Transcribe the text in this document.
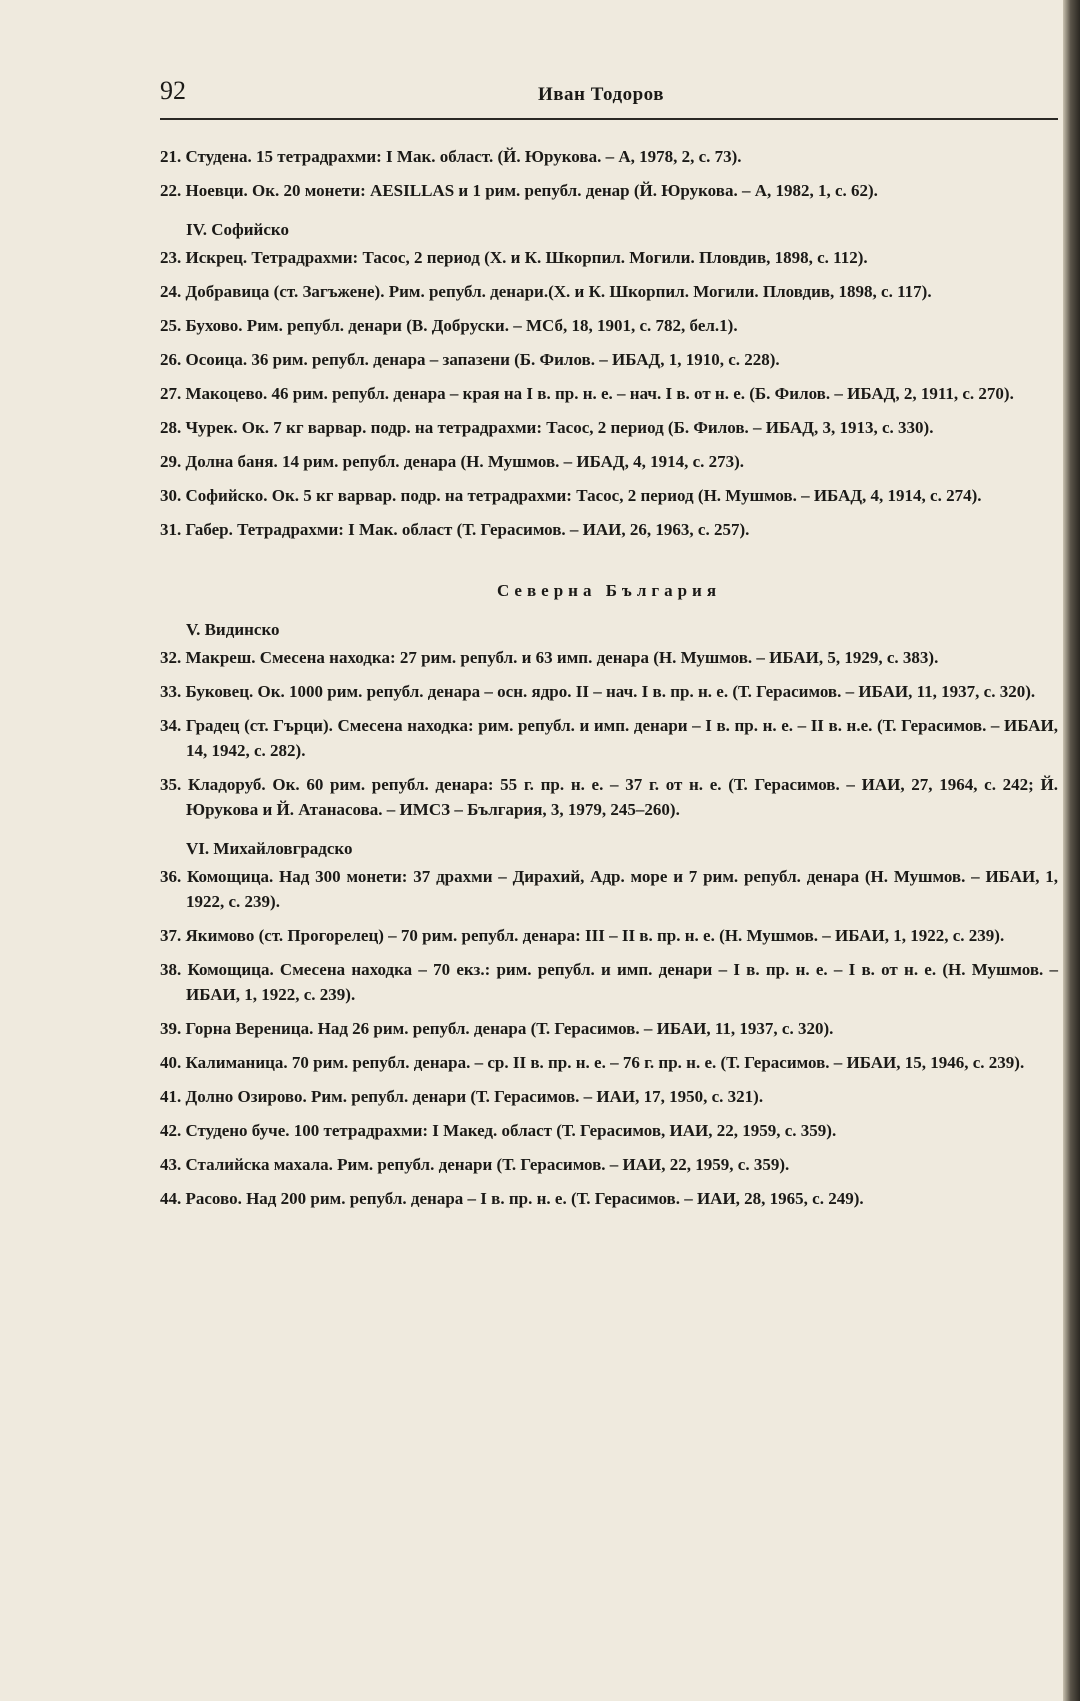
92	Иван Тодоров

21. Студена. 15 тетрадрахми: I Мак. област. (Й. Юрукова. – А, 1978, 2, с. 73).

22. Ноевци. Ок. 20 монети: AESILLAS и 1 рим. републ. денар (Й. Юрукова. – А, 1982, 1, с. 62).

IV. Софийско

23. Искрец. Тетрадрахми: Тасос, 2 период (Х. и К. Шкорпил. Могили. Пловдив, 1898, с. 112).

24. Добравица (ст. Загъжене). Рим. републ. денари.(Х. и К. Шкорпил. Могили. Пловдив, 1898, с. 117).

25. Бухово. Рим. републ. денари (В. Добруски. – МСб, 18, 1901, с. 782, бел.1).

26. Осоица. 36 рим. републ. денара – запазени (Б. Филов. – ИБАД, 1, 1910, с. 228).

27. Макоцево. 46 рим. републ. денара – края на I в. пр. н. е. – нач. I в. от н. е. (Б. Филов. – ИБАД, 2, 1911, с. 270).

28. Чурек. Ок. 7 кг варвар. подр. на тетрадрахми: Тасос, 2 период (Б. Филов. – ИБАД, 3, 1913, с. 330).

29. Долна баня. 14 рим. републ. денара (Н. Мушмов. – ИБАД, 4, 1914, с. 273).

30. Софийско. Ок. 5 кг варвар. подр. на тетрадрахми: Тасос, 2 период (Н. Мушмов. – ИБАД, 4, 1914, с. 274).

31. Габер. Тетрадрахми: I Мак. област (Т. Герасимов. – ИАИ, 26, 1963, с. 257).

Северна България
V. Видинско

32. Макреш. Смесена находка: 27 рим. републ. и 63 имп. денара (Н. Мушмов. – ИБАИ, 5, 1929, с. 383).

33. Буковец. Ок. 1000 рим. републ. денара – осн. ядро. II – нач. I в. пр. н. е. (Т. Герасимов. – ИБАИ, 11, 1937, с. 320).

34. Градец (ст. Гърци). Смесена находка: рим. републ. и имп. денари – I в. пр. н. е. – II в. н.е. (Т. Герасимов. – ИБАИ, 14, 1942, с. 282).

35. Кладоруб. Ок. 60 рим. републ. денара: 55 г. пр. н. е. – 37 г. от н. е. (Т. Герасимов. – ИАИ, 27, 1964, с. 242; Й. Юрукова и Й. Атанасова. – ИМСЗ – България, 3, 1979, 245–260).

VI. Михайловградско

36. Комощица. Над 300 монети: 37 драхми – Дирахий, Адр. море и 7 рим. републ. денара (Н. Мушмов. – ИБАИ, 1, 1922, с. 239).

37. Якимово (ст. Прогорелец) – 70 рим. републ. денара: III – II в. пр. н. е. (Н. Мушмов. – ИБАИ, 1, 1922, с. 239).

38. Комощица. Смесена находка – 70 екз.: рим. републ. и имп. денари – I в. пр. н. е. – I в. от н. е. (Н. Мушмов. – ИБАИ, 1, 1922, с. 239).

39. Горна Вереница. Над 26 рим. републ. денара (Т. Герасимов. – ИБАИ, 11, 1937, с. 320).

40. Калиманица. 70 рим. републ. денара. – ср. II в. пр. н. е. – 76 г. пр. н. е. (Т. Герасимов. – ИБАИ, 15, 1946, с. 239).

41. Долно Озирово. Рим. републ. денари (Т. Герасимов. – ИАИ, 17, 1950, с. 321).

42. Студено буче. 100 тетрадрахми: I Макед. област (Т. Герасимов, ИАИ, 22, 1959, с. 359).

43. Сталийска махала. Рим. републ. денари (Т. Герасимов. – ИАИ, 22, 1959, с. 359).

44. Расово. Над 200 рим. републ. денара – I в. пр. н. е. (Т. Герасимов. – ИАИ, 28, 1965, с. 249).
